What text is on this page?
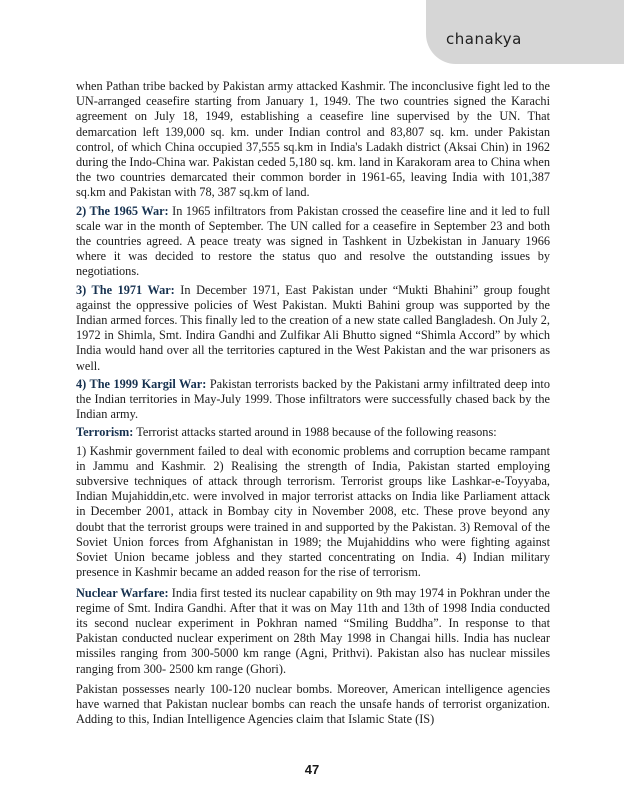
chanakya

when Pathan tribe backed by Pakistan army attacked Kashmir. The inconclusive fight led to the UN-arranged ceasefire starting from January 1, 1949. The two countries signed the Karachi agreement on July 18, 1949, establishing a ceasefire line supervised by the UN. That demarcation left 139,000 sq. km. under Indian control and 83,807 sq. km. under Pakistan control, of which China occupied 37,555 sq.km in India's Ladakh district (Aksai Chin) in 1962 during the Indo-China war. Pakistan ceded 5,180 sq. km. land in Karakoram area to China when the two countries demarcated their common border in 1961-65, leaving India with 101,387 sq.km and Pakistan with 78, 387 sq.km of land.

2) The 1965 War: In 1965 infiltrators from Pakistan crossed the ceasefire line and it led to full scale war in the month of September. The UN called for a ceasefire in September 23 and both the countries agreed. A peace treaty was signed in Tashkent in Uzbekistan in January 1966 where it was decided to restore the status quo and resolve the outstanding issues by negotiations.

3) The 1971 War: In December 1971, East Pakistan under “Mukti Bhahini” group fought against the oppressive policies of West Pakistan. Mukti Bahini group was supported by the Indian armed forces. This finally led to the creation of a new state called Bangladesh. On July 2, 1972 in Shimla, Smt. Indira Gandhi and Zulfikar Ali Bhutto signed “Shimla Accord” by which India would hand over all the territories captured in the West Pakistan and the war prisoners as well.

4) The 1999 Kargil War: Pakistan terrorists backed by the Pakistani army infiltrated deep into the Indian territories in May-July 1999. Those infiltrators were successfully chased back by the Indian army.

Terrorism: Terrorist attacks started around in 1988 because of the following reasons:

1) Kashmir government failed to deal with economic problems and corruption became rampant in Jammu and Kashmir. 2) Realising the strength of India, Pakistan started employing subversive techniques of attack through terrorism. Terrorist groups like Lashkar-e-Toyyaba, Indian Mujahiddin,etc. were involved in major terrorist attacks on India like Parliament attack in December 2001, attack in Bombay city in November 2008, etc. These prove beyond any doubt that the terrorist groups were trained in and supported by the Pakistan. 3) Removal of the Soviet Union forces from Afghanistan in 1989; the Mujahiddins who were fighting against Soviet Union became jobless and they started concentrating on India. 4) Indian military presence in Kashmir became an added reason for the rise of terrorism.

Nuclear Warfare: India first tested its nuclear capability on 9th may 1974 in Pokhran under the regime of Smt. Indira Gandhi. After that it was on May 11th and 13th of 1998 India conducted its second nuclear experiment in Pokhran named “Smiling Buddha”. In response to that Pakistan conducted nuclear experiment on 28th May 1998 in Changai hills. India has nuclear missiles ranging from 300-5000 km range (Agni, Prithvi). Pakistan also has nuclear missiles ranging from 300- 2500 km range (Ghori).

Pakistan possesses nearly 100-120 nuclear bombs. Moreover, American intelligence agencies have warned that Pakistan nuclear bombs can reach the unsafe hands of terrorist organization. Adding to this, Indian Intelligence Agencies claim that Islamic State (IS)

47
